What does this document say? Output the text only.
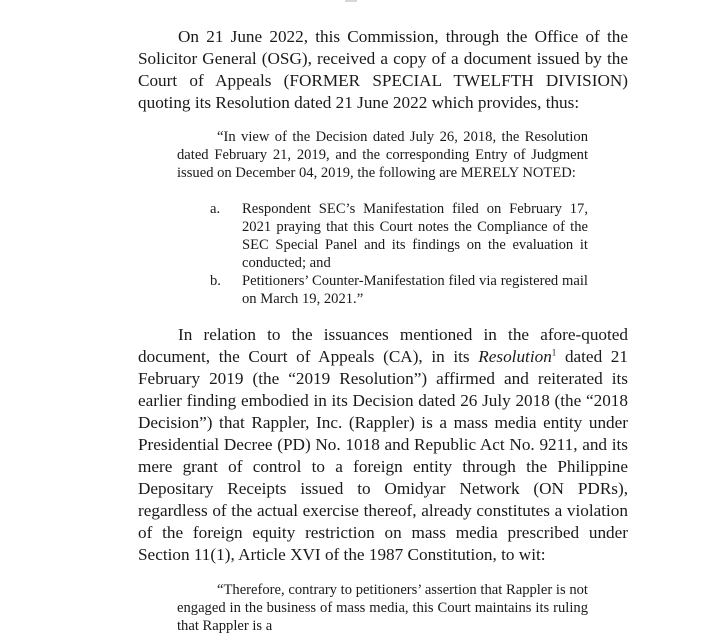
On 21 June 2022, this Commission, through the Office of the Solicitor General (OSG), received a copy of a document issued by the Court of Appeals (FORMER SPECIAL TWELFTH DIVISION) quoting its Resolution dated 21 June 2022 which provides, thus:

“In view of the Decision dated July 26, 2018, the Resolution dated February 21, 2019, and the corresponding Entry of Judgment issued on December 04, 2019, the following are MERELY NOTED:

a. Respondent SEC’s Manifestation filed on February 17, 2021 praying that this Court notes the Compliance of the SEC Special Panel and its findings on the evaluation it conducted; and
b. Petitioners’ Counter-Manifestation filed via registered mail on March 19, 2021.”

In relation to the issuances mentioned in the afore-quoted document, the Court of Appeals (CA), in its Resolution$^1$ dated 21 February 2019 (the “2019 Resolution”) affirmed and reiterated its earlier finding embodied in its Decision dated 26 July 2018 (the “2018 Decision”) that Rappler, Inc. (Rappler) is a mass media entity under Presidential Decree (PD) No. 1018 and Republic Act No. 9211, and its mere grant of control to a foreign entity through the Philippine Depositary Receipts issued to Omidyar Network (ON PDRs), regardless of the actual exercise thereof, already constitutes a violation of the foreign equity restriction on mass media prescribed under Section 11(1), Article XVI of the 1987 Constitution, to wit:

“Therefore, contrary to petitioners’ assertion that Rappler is not engaged in the business of mass media, this Court maintains its ruling that Rappler is a
